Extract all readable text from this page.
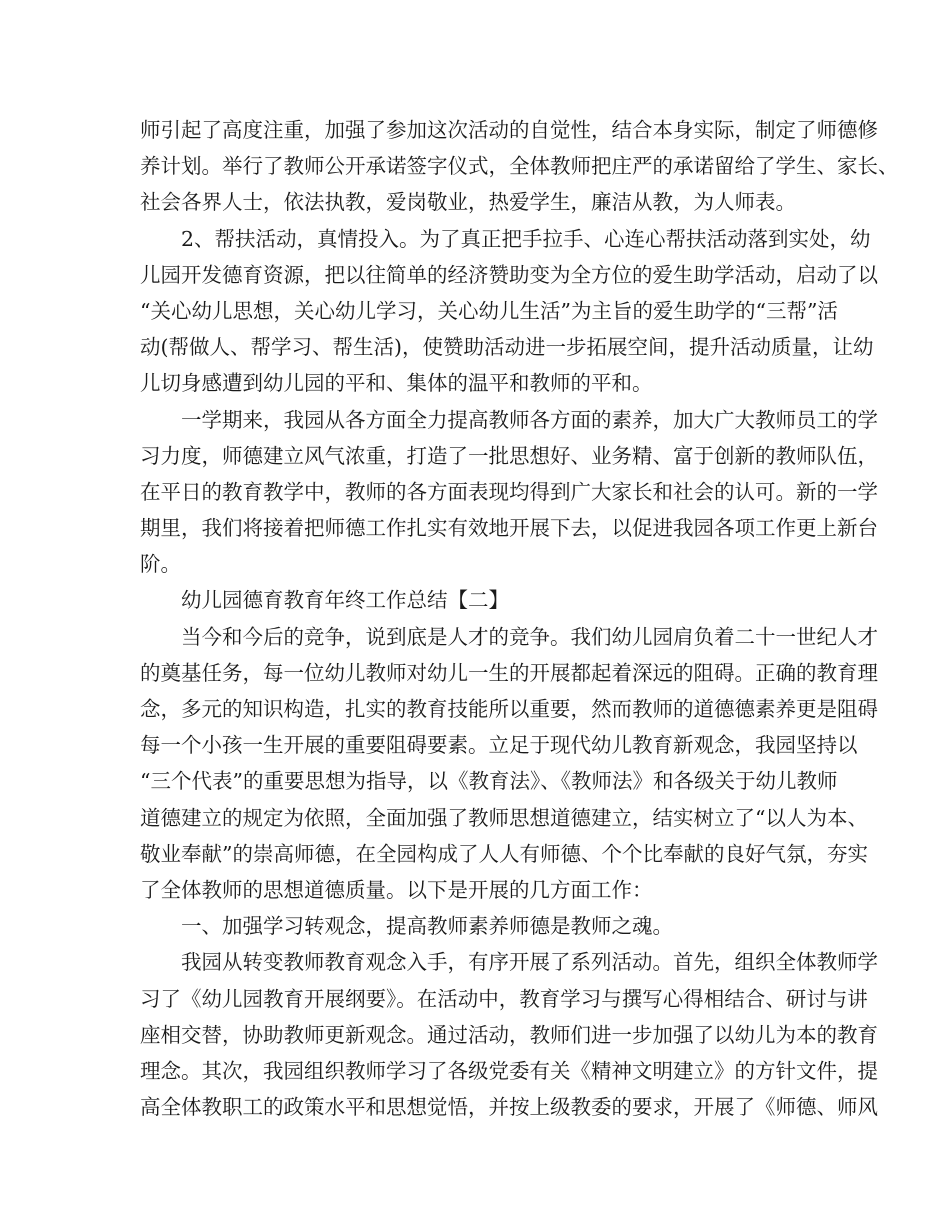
师引起了高度注重，加强了参加这次活动的自觉性，结合本身实际，制定了师德修
养计划。举行了教师公开承诺签字仪式，全体教师把庄严的承诺留给了学生、家长、
社会各界人士，依法执教，爱岗敬业，热爱学生，廉洁从教，为人师表。
2、帮扶活动，真情投入。为了真正把手拉手、心连心帮扶活动落到实处，幼
儿园开发德育资源，把以往简单的经济赞助变为全方位的爱生助学活动，启动了以
“关心幼儿思想，关心幼儿学习，关心幼儿生活”为主旨的爱生助学的“三帮”活
动(帮做人、帮学习、帮生活)，使赞助活动进一步拓展空间，提升活动质量，让幼
儿切身感遭到幼儿园的平和、集体的温平和教师的平和。
一学期来，我园从各方面全力提高教师各方面的素养，加大广大教师员工的学
习力度，师德建立风气浓重，打造了一批思想好、业务精、富于创新的教师队伍，
在平日的教育教学中，教师的各方面表现均得到广大家长和社会的认可。新的一学
期里，我们将接着把师德工作扎实有效地开展下去，以促进我园各项工作更上新台
阶。
幼儿园德育教育年终工作总结【二】
当今和今后的竞争，说到底是人才的竞争。我们幼儿园肩负着二十一世纪人才
的奠基任务，每一位幼儿教师对幼儿一生的开展都起着深远的阻碍。正确的教育理
念，多元的知识构造，扎实的教育技能所以重要，然而教师的道德德素养更是阻碍
每一个小孩一生开展的重要阻碍要素。立足于现代幼儿教育新观念，我园坚持以
“三个代表”的重要思想为指导，以《教育法》、《教师法》和各级关于幼儿教师
道德建立的规定为依照，全面加强了教师思想道德建立，结实树立了“以人为本、
敬业奉献”的崇高师德，在全园构成了人人有师德、个个比奉献的良好气氛，夯实
了全体教师的思想道德质量。以下是开展的几方面工作：
一、加强学习转观念，提高教师素养师德是教师之魂。
我园从转变教师教育观念入手，有序开展了系列活动。首先，组织全体教师学
习了《幼儿园教育开展纲要》。在活动中，教育学习与撰写心得相结合、研讨与讲
座相交替，协助教师更新观念。通过活动，教师们进一步加强了以幼儿为本的教育
理念。其次，我园组织教师学习了各级党委有关《精神文明建立》的方针文件，提
高全体教职工的政策水平和思想觉悟，并按上级教委的要求，开展了《师德、师风
